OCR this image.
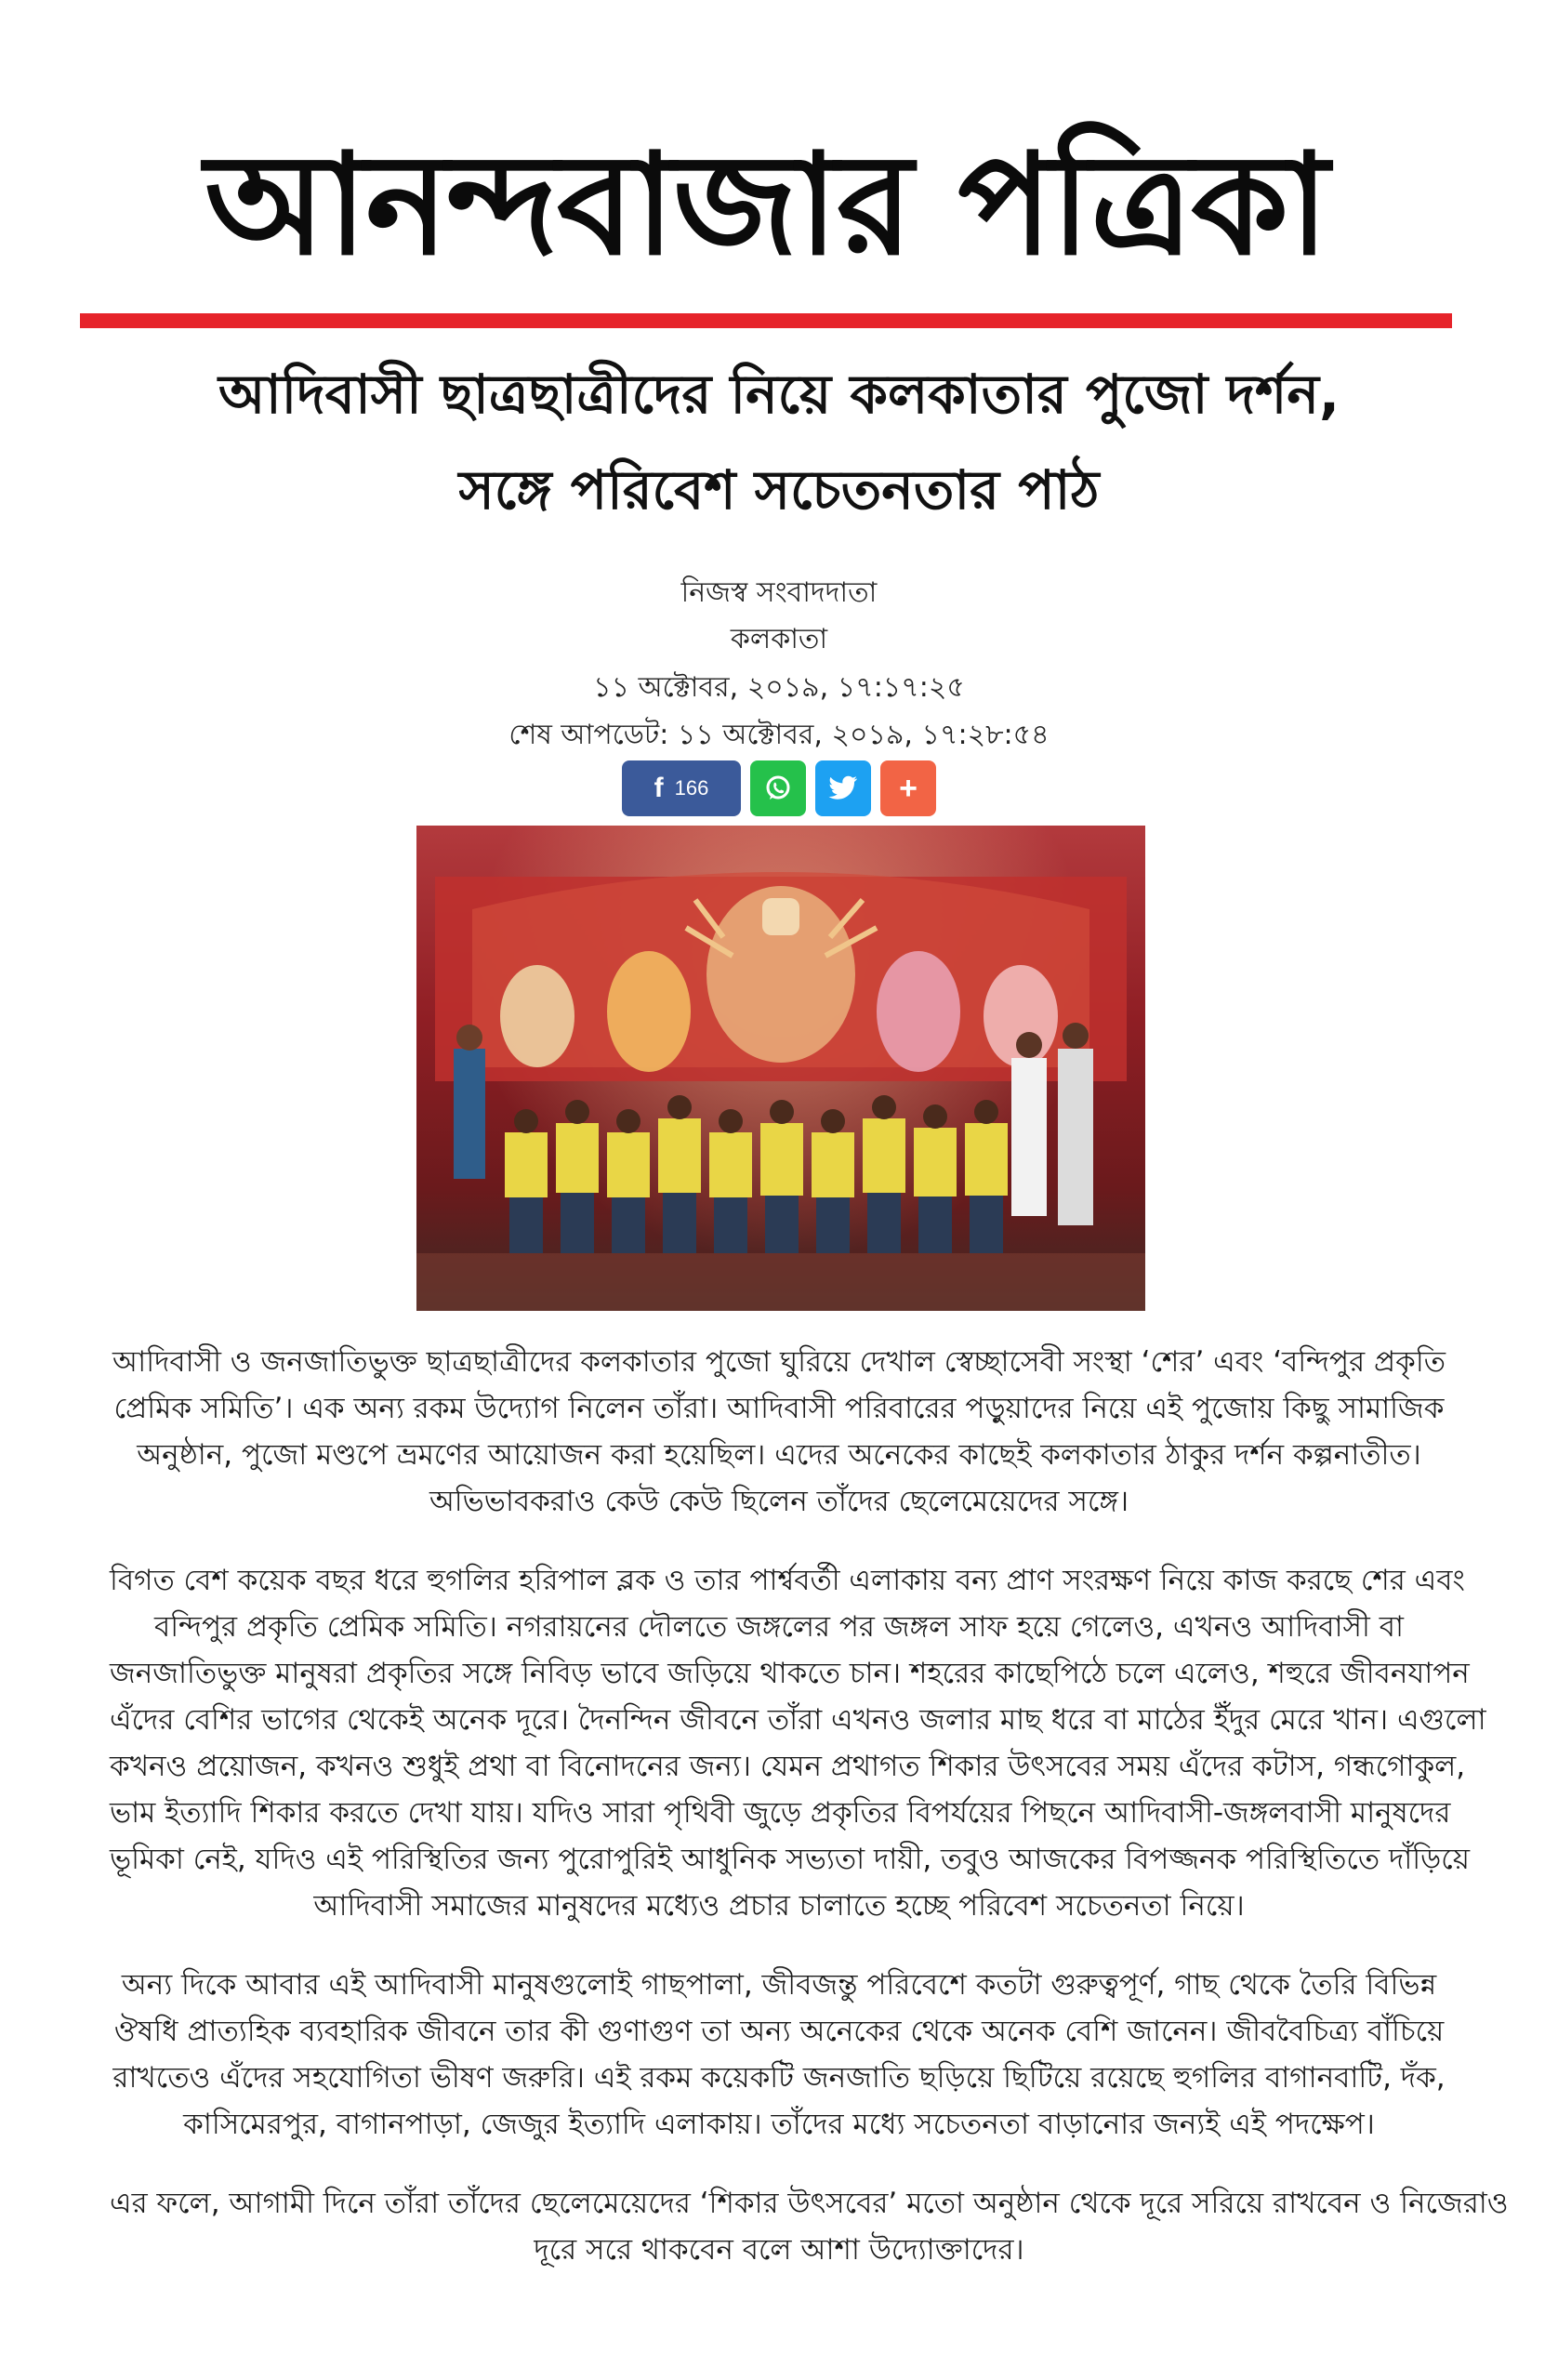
আনন্দবাজার পত্রিকা
আদিবাসী ছাত্রছাত্রীদের নিয়ে কলকাতার পুজো দর্শন,
সঙ্গে পরিবেশ সচেতনতার পাঠ
নিজস্ব সংবাদদাতা
কলকাতা
১১ অক্টোবর, ২০১৯, ১৭:১৭:২৫
শেষ আপডেট: ১১ অক্টোবর, ২০১৯, ১৭:২৮:৫৪
f 166	+
আদিবাসী ও জনজাতিভুক্ত ছাত্রছাত্রীদের কলকাতার পুজো ঘুরিয়ে দেখাল স্বেচ্ছাসেবী সংস্থা ‘শের’ এবং ‘বন্দিপুর প্রকৃতি
প্রেমিক সমিতি’। এক অন্য রকম উদ্যোগ নিলেন তাঁরা। আদিবাসী পরিবারের পড়ুয়াদের নিয়ে এই পুজোয় কিছু সামাজিক
অনুষ্ঠান, পুজো মণ্ডপে ভ্রমণের আয়োজন করা হয়েছিল। এদের অনেকের কাছেই কলকাতার ঠাকুর দর্শন কল্পনাতীত।
অভিভাবকরাও কেউ কেউ ছিলেন তাঁদের ছেলেমেয়েদের সঙ্গে।
বিগত বেশ কয়েক বছর ধরে হুগলির হরিপাল ব্লক ও তার পার্শ্ববর্তী এলাকায় বন্য প্রাণ সংরক্ষণ নিয়ে কাজ করছে শের এবং
বন্দিপুর প্রকৃতি প্রেমিক সমিতি। নগরায়নের দৌলতে জঙ্গলের পর জঙ্গল সাফ হয়ে গেলেও, এখনও আদিবাসী বা
জনজাতিভুক্ত মানুষরা প্রকৃতির সঙ্গে নিবিড় ভাবে জড়িয়ে থাকতে চান। শহরের কাছেপিঠে চলে এলেও, শহুরে জীবনযাপন
এঁদের বেশির ভাগের থেকেই অনেক দূরে। দৈনন্দিন জীবনে তাঁরা এখনও জলার মাছ ধরে বা মাঠের ইঁদুর মেরে খান। এগুলো
কখনও প্রয়োজন, কখনও শুধুই প্রথা বা বিনোদনের জন্য। যেমন প্রথাগত শিকার উৎসবের সময় এঁদের কটাস, গন্ধগোকুল,
ভাম ইত্যাদি শিকার করতে দেখা যায়। যদিও সারা পৃথিবী জুড়ে প্রকৃতির বিপর্যয়ের পিছনে আদিবাসী-জঙ্গলবাসী মানুষদের
ভূমিকা নেই, যদিও এই পরিস্থিতির জন্য পুরোপুরিই আধুনিক সভ্যতা দায়ী, তবুও আজকের বিপজ্জনক পরিস্থিতিতে দাঁড়িয়ে
আদিবাসী সমাজের মানুষদের মধ্যেও প্রচার চালাতে হচ্ছে পরিবেশ সচেতনতা নিয়ে।
অন্য দিকে আবার এই আদিবাসী মানুষগুলোই গাছপালা, জীবজন্তু পরিবেশে কতটা গুরুত্বপূর্ণ, গাছ থেকে তৈরি বিভিন্ন
ঔষধি প্রাত্যহিক ব্যবহারিক জীবনে তার কী গুণাগুণ তা অন্য অনেকের থেকে অনেক বেশি জানেন। জীববৈচিত্র্য বাঁচিয়ে
রাখতেও এঁদের সহযোগিতা ভীষণ জরুরি। এই রকম কয়েকটি জনজাতি ছড়িয়ে ছিটিয়ে রয়েছে হুগলির বাগানবাটি, দঁক,
কাসিমেরপুর, বাগানপাড়া, জেজুর ইত্যাদি এলাকায়। তাঁদের মধ্যে সচেতনতা বাড়ানোর জন্যই এই পদক্ষেপ।
এর ফলে, আগামী দিনে তাঁরা তাঁদের ছেলেমেয়েদের ‘শিকার উৎসবের’ মতো অনুষ্ঠান থেকে দূরে সরিয়ে রাখবেন ও নিজেরাও
দূরে সরে থাকবেন বলে আশা উদ্যোক্তাদের।
